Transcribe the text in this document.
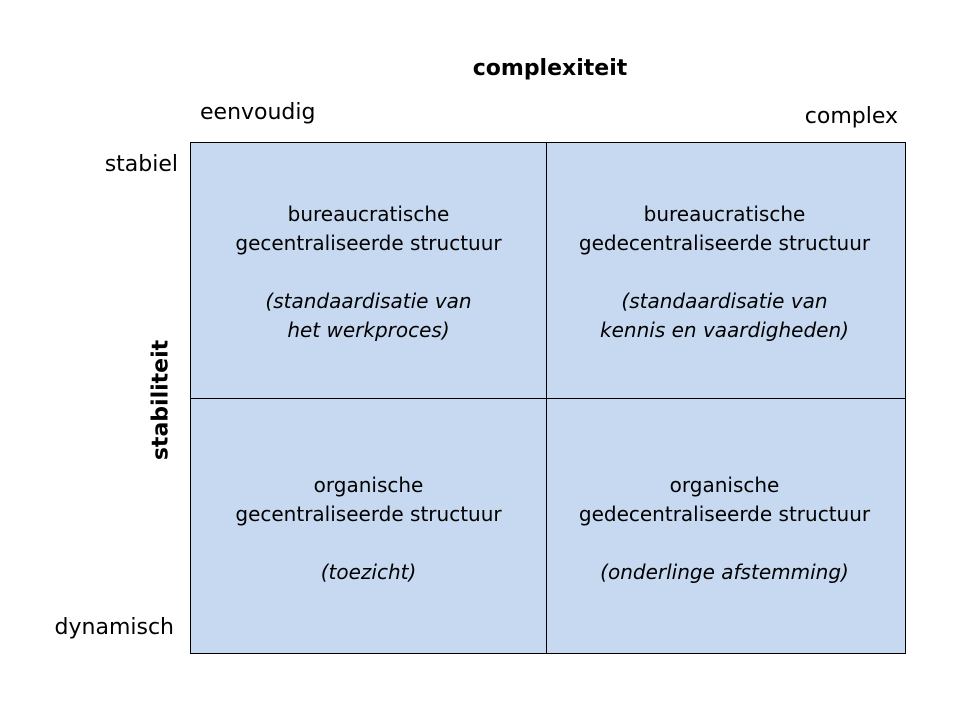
complexiteit
eenvoudig	complex
stabiel
dynamisch
stabiliteit
bureaucratische
gecentraliseerde structuur
(standaardisatie van
het werkproces)
bureaucratische
gedecentraliseerde structuur
(standaardisatie van
kennis en vaardigheden)
organische
gecentraliseerde structuur
(toezicht)
organische
gedecentraliseerde structuur
(onderlinge afstemming)
